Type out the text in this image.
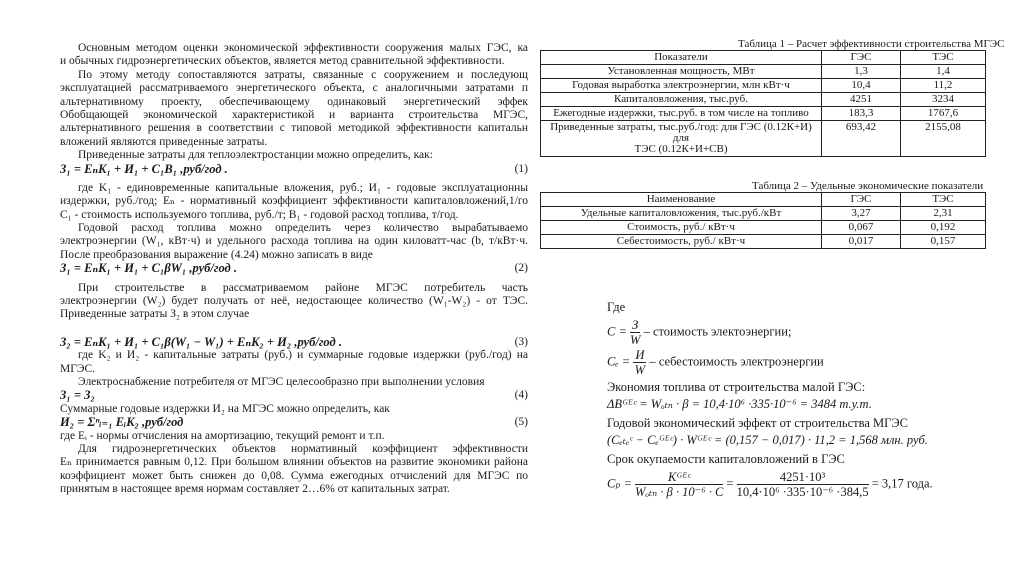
Основным методом оценки экономической эффективности сооружения малых ГЭС, ка
и обычных гидроэнергетических объектов, является метод сравнительной эффективности.
По этому методу сопоставляются затраты, связанные с сооружением и последующ
эксплуатацией рассматриваемого энергетического объекта, с аналогичными затратами п
альтернативному проекту, обеспечивающему одинаковый энергетический эффек
Обобщающей экономической характеристикой и варианта строительства МГЭС,
альтернативного решения в соответствии с типовой методикой эффективности капитальн
вложений являются приведенные затраты.
Приведенные затраты для теплоэлектростанции можно определить, как:
З₁ = EₙK₁ + И₁ + C₁B₁ ,руб/год .	(1)
где K₁ - единовременные капитальные вложения, руб.; И₁ - годовые эксплуатационны
издержки, руб./год; Eₙ - нормативный коэффициент эффективности капиталовложений,1/го
C₁ - стоимость используемого топлива, руб./т; B₁ - годовой расход топлива, т/год.
Годовой расход топлива можно определить через количество вырабатываемо
электроэнергии (W₁, кВт·ч) и удельного расхода топлива на один киловатт-час (b, т/кВт·ч.
После преобразования выражение (4.24) можно записать в виде
З₁ = EₙK₁ + И₁ + C₁βW₁ ,руб/год .	(2)
При строительстве в рассматриваемом районе МГЭС потребитель часть
электроэнергии (W₂) будет получать от неё, недостающее количество (W₁-W₂) - от ТЭС.
Приведенные затраты З₂ в этом случае
З₂ = EₙK₁ + И₁ + C₁β(W₁ − W₁) + EₙK₂ + И₂ ,руб/год .	(3)
где K₂ и И₂ - капитальные затраты (руб.) и суммарные годовые издержки (руб./год) на
МГЭС.
Электроснабжение потребителя от МГЭС целесообразно при выполнении условия
З₁ = З₂	(4)
Суммарные годовые издержки И₂ на МГЭС можно определить, как
И₂ = Σⁿᵢ₌₁ EᵢK₂ ,руб/год	(5)
где Eᵢ - нормы отчисления на амортизацию, текущий ремонт и т.п.
Для гидроэнергетических объектов нормативный коэффициент эффективности
Eₙ принимается равным 0,12. При большом влиянии объектов на развитие экономики района
коэффициент может быть снижен до 0,08. Сумма ежегодных отчислений для МГЭС по
принятым в настоящее время нормам составляет 2…6% от капитальных затрат.
Таблица 1 – Расчет эффективности строительства МГЭС
Показатели	ГЭС	ТЭС
Установленная мощность, МВт	1,3	1,4
Годовая выработка электроэнергии, млн кВт·ч	10,4	11,2
Капиталовложения, тыс.руб.	4251	3234
Ежегодные издержки, тыс.руб. в том числе на топливо	183,3	1767,6

Приведенные затраты, тыс.руб./год: для ГЭС (0.12К+И) для
ТЭС (0.12К+И+СВ)	693,42	2155,08
Таблица 2 – Удельные экономические показатели
Наименование	ГЭС	ТЭС
Удельные капиталовложения, тыс.руб./кВт	3,27	2,31
Стоимость, руб./ кВт·ч	0,067	0,192
Себестоимость, руб./ кВт·ч	0,017	0,157
Где
$C = \frac{З}{W}$ – стоимость электоэнергии;
$C_e = \frac{И}{W}$ – себестоимость электроэнергии
Экономия топлива от строительства малой ГЭС:
ΔBᴳᴱᶜ = Wₒₜₙ · β = 10,4·10⁶ ·335·10⁻⁶ = 3484 т.у.т.
Годовой экономический эффект от строительства МГЭС
(Cₑₜₑᶜ − Cₑᴳᴱᶜ) · Wᴳᴱᶜ = (0,157 − 0,017) · 11,2 = 1,568 млн. руб.
Срок окупаемости капиталовложений в ГЭС
$C_p = \frac{\text{Kᴳᴱᶜ}}{\text{Wₒₜₙ · β · 10⁻⁶ · C}} = \frac{\text{4251·10³}}{\text{10,4·10⁶ ·335·10⁻⁶ ·384,5}} = 3,17$ года.
